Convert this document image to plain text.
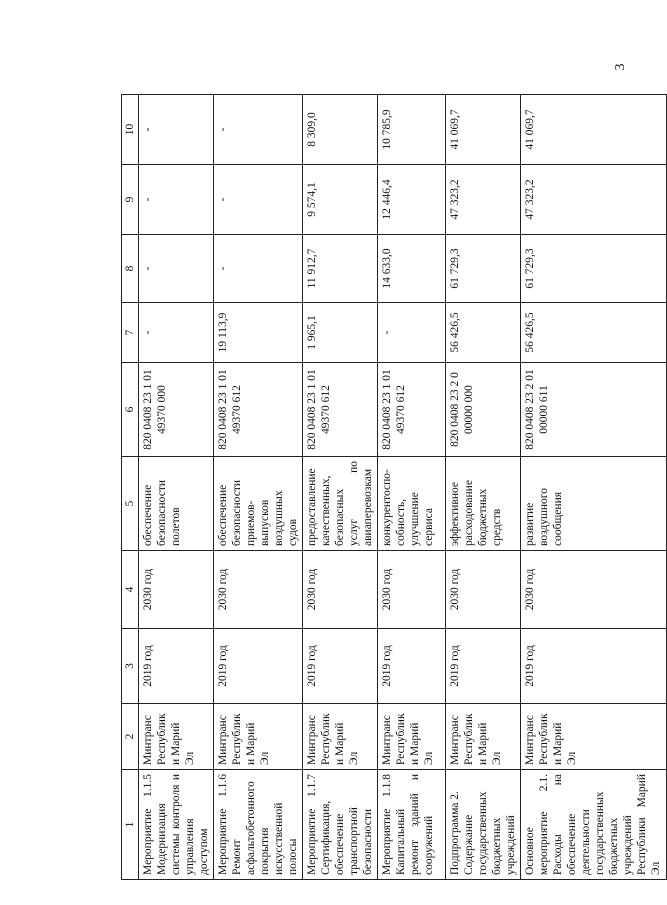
3
1	2	3	4	5	6	7	8	9	10
Мероприятие 1.1.5 Модернизация системы контроля и управления доступом	Минтранс Республики Марий Эл	2019 год	2030 год	обеспечение безопасности полетов	820 0408 23 1 01 49370 000	-	-	-	-
Мероприятие 1.1.6 Ремонт асфальтобетонного покрытия искусственной полосы	Минтранс Республики Марий Эл	2019 год	2030 год	обеспечение безопасности приемов-выпусков воздушных судов	820 0408 23 1 01 49370 612	19 113,9	-	-	-
Мероприятие 1.1.7 Сертификация, обеспечение транспортной безопасности	Минтранс Республики Марий Эл	2019 год	2030 год	предоставление качественных, безопасных услуг по авиаперевозкам	820 0408 23 1 01 49370 612	1 965,1	11 912,7	9 574,1	8 309,0
Мероприятие 1.1.8 Капитальный ремонт зданий и сооружений	Минтранс Республики Марий Эл	2019 год	2030 год	конкурентоспо-собность, улучшение сервиса	820 0408 23 1 01 49370 612	-	14 633,0	12 446,4	10 785,9
Подпрограмма 2. Содержание государственных бюджетных учреждений	Минтранс Республики Марий Эл	2019 год	2030 год	эффективное расходование бюджетных средств	820 0408 23 2 0 00000 000	56 426,5	61 729,3	47 323,2	41 069,7
Основное мероприятие 2.1. Расходы на обеспечение деятельности государственных бюджетных учреждений Республики Марий Эл	Минтранс Республики Марий Эл	2019 год	2030 год	развитие воздушного сообщения	820 0408 23 2 01 00000 611	56 426,5	61 729,3	47 323,2	41 069,7
